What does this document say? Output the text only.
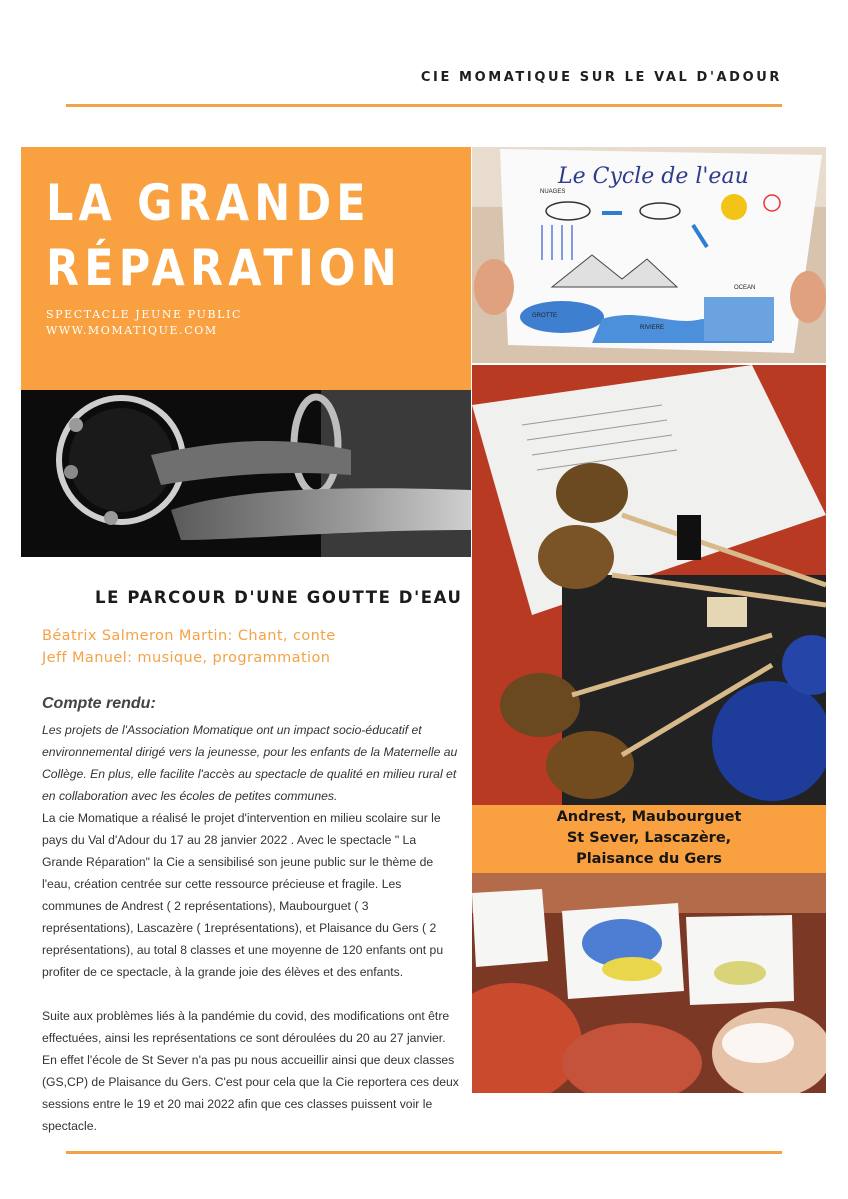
CIE MOMATIQUE SUR LE VAL D'ADOUR
LA GRANDE
RÉPARATION
SPECTACLE JEUNE PUBLIC
WWW.MOMATIQUE.COM
Le Cycle de l'eau
NUAGES
OCEAN
GROTTE
RIVIERE
Andrest, Maubourguet
St Sever, Lascazère,
Plaisance du Gers
LE PARCOUR D'UNE GOUTTE D'EAU
Béatrix Salmeron Martin: Chant, conte
Jeff Manuel: musique, programmation
Compte rendu:

Les projets de l'Association Momatique ont un impact socio-éducatif et environnemental dirigé vers la jeunesse, pour les enfants de la Maternelle au Collège. En plus, elle facilite l'accès au spectacle de qualité en milieu rural et en collaboration avec les écoles de petites communes.

La cie Momatique a réalisé le projet d'intervention en milieu scolaire sur le pays du Val d'Adour du 17 au 28 janvier 2022 . Avec le spectacle " La Grande Réparation" la Cie a sensibilisé son jeune public sur le thème de l'eau, création centrée sur cette ressource précieuse et fragile. Les communes de Andrest ( 2 représentations), Maubourguet ( 3 représentations), Lascazère ( 1représentations), et Plaisance du Gers ( 2 représentations), au total 8 classes et une moyenne de 120 enfants ont pu profiter de ce spectacle, à la grande joie des élèves et des enfants.

Suite aux problèmes liés à la pandémie du covid, des modifications ont être effectuées, ainsi les représentations ce sont déroulées du 20 au 27 janvier. En effet l'école de St Sever n'a pas pu nous accueillir ainsi que deux classes (GS,CP) de Plaisance du Gers. C'est pour cela que la Cie reportera ces deux sessions entre le 19 et 20 mai 2022 afin que ces classes puissent voir le spectacle.
